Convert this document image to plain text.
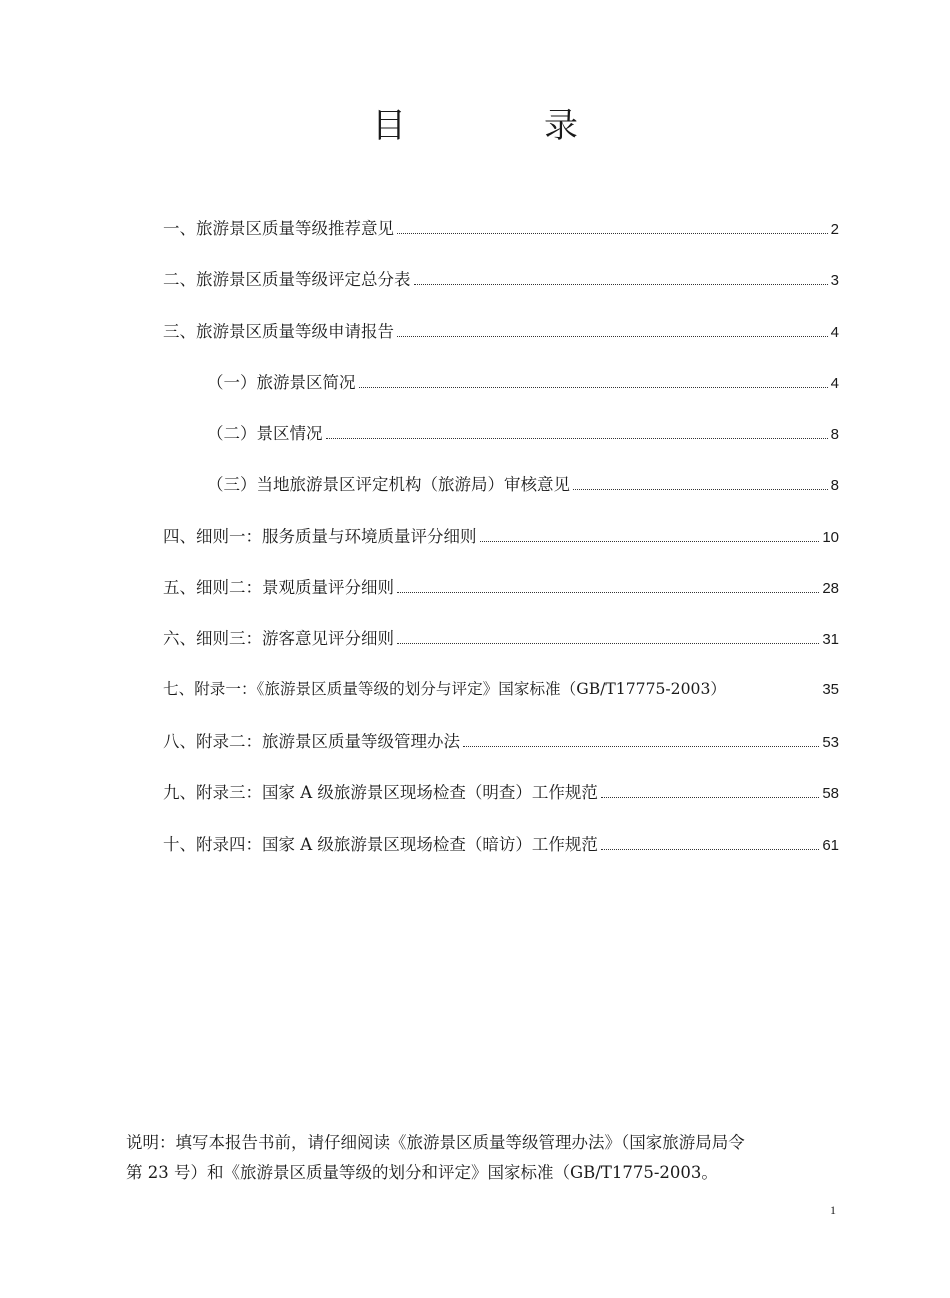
目　录
一、旅游景区质量等级推荐意见	2
二、旅游景区质量等级评定总分表	3
三、旅游景区质量等级申请报告	4
（一）旅游景区简况	4
（二）景区情况	8
（三）当地旅游景区评定机构（旅游局）审核意见	8
四、细则一：服务质量与环境质量评分细则	10
五、细则二：景观质量评分细则	28
六、细则三：游客意见评分细则	31
七、附录一：《旅游景区质量等级的划分与评定》国家标准（GB/T17775-2003）	35
八、附录二：旅游景区质量等级管理办法	53
九、附录三：国家 A 级旅游景区现场检查（明查）工作规范	58
十、附录四：国家 A 级旅游景区现场检查（暗访）工作规范	61

说明：填写本报告书前，请仔细阅读《旅游景区质量等级管理办法》（国家旅游局局令

第 23 号）和《旅游景区质量等级的划分和评定》国家标准（GB/T1775-2003。

1
